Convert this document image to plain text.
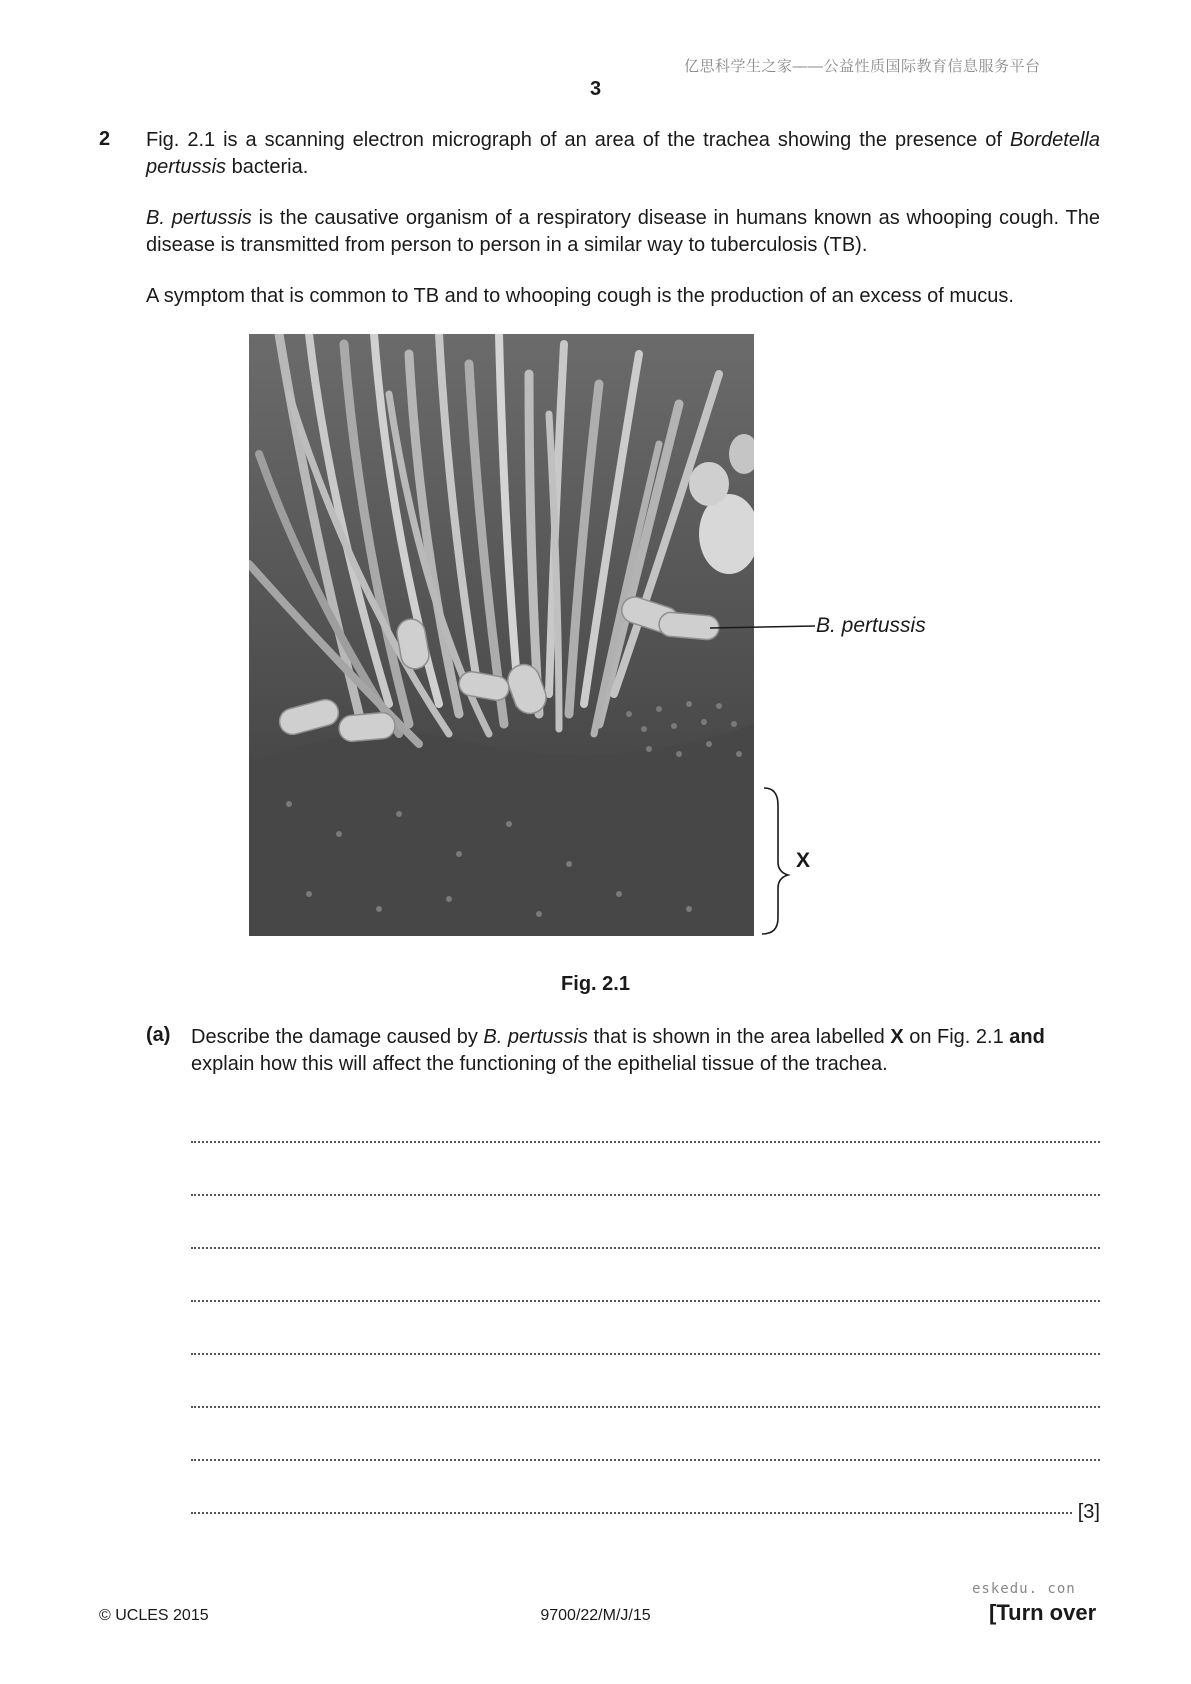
亿思科学生之家——公益性质国际教育信息服务平台
3
2 Fig. 2.1 is a scanning electron micrograph of an area of the trachea showing the presence of Bordetella pertussis bacteria.
B. pertussis is the causative organism of a respiratory disease in humans known as whooping cough. The disease is transmitted from person to person in a similar way to tuberculosis (TB).
A symptom that is common to TB and to whooping cough is the production of an excess of mucus.
B. pertussis
X
Fig. 2.1
(a) Describe the damage caused by B. pertussis that is shown in the area labelled X on Fig. 2.1 and explain how this will affect the functioning of the epithelial tissue of the trachea.
[3]
© UCLES 2015	9700/22/M/J/15
eskedu. con
[Turn over
